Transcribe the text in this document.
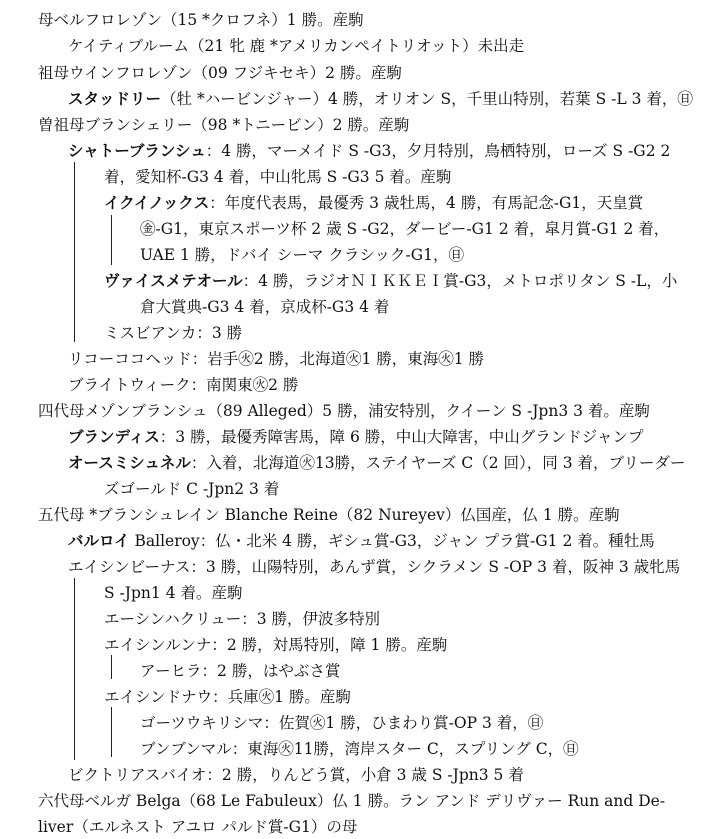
母ベルフロレゾン（15 *クロフネ）1 勝。産駒
ケイティブルーム（21 牝 鹿 *アメリカンペイトリオット）未出走
祖母ウインフロレゾン（09 フジキセキ）2 勝。産駒
スタッドリー（牡 *ハービンジャー）4 勝，オリオン S，千里山特別，若葉 S -L 3 着，㊐
曽祖母ブランシェリー（98 *トニービン）2 勝。産駒
シャトーブランシュ：4 勝，マーメイド S -G3，夕月特別，鳥栖特別，ローズ S -G2 2
着，愛知杯-G3 4 着，中山牝馬 S -G3 5 着。産駒
イクイノックス：年度代表馬，最優秀 3 歳牡馬，4 勝，有馬記念-G1，天皇賞
㊎-G1，東京スポーツ杯 2 歳 S -G2，ダービー-G1 2 着，皐月賞-G1 2 着，
UAE 1 勝，ドバイ シーマ クラシック-G1，㊐
ヴァイスメテオール：4 勝，ラジオＮＩＫＫＥＩ賞-G3，メトロポリタン S -L，小
倉大賞典-G3 4 着，京成杯-G3 4 着
ミスビアンカ：3 勝
リコーココヘッド：岩手㊋2 勝，北海道㊋1 勝，東海㊋1 勝
ブライトウィーク：南関東㊋2 勝
四代母メゾンブランシュ（89 Alleged）5 勝，浦安特別，クイーン S -Jpn3 3 着。産駒
ブランディス：3 勝，最優秀障害馬，障 6 勝，中山大障害，中山グランドジャンプ
オースミシュネル：入着，北海道㊋13勝，ステイヤーズ C（2 回），同 3 着，ブリーダー
ズゴールド C -Jpn2 3 着
五代母 *ブランシュレイン Blanche Reine（82 Nureyev）仏国産，仏 1 勝。産駒
バルロイ Balleroy：仏・北米 4 勝，ギシュ賞-G3，ジャン プラ賞-G1 2 着。種牡馬
エイシンビーナス：3 勝，山陽特別，あんず賞，シクラメン S -OP 3 着，阪神 3 歳牝馬
S -Jpn1 4 着。産駒
エーシンハクリュー：3 勝，伊波多特別
エイシンルンナ：2 勝，対馬特別，障 1 勝。産駒
アーヒラ：2 勝，はやぶさ賞
エイシンドナウ：兵庫㊋1 勝。産駒
ゴーツウキリシマ：佐賀㊋1 勝，ひまわり賞-OP 3 着，㊐
ブンブンマル：東海㊋11勝，湾岸スター C，スプリング C，㊐
ビクトリアスバイオ：2 勝，りんどう賞，小倉 3 歳 S -Jpn3 5 着
六代母ベルガ Belga（68 Le Fabuleux）仏 1 勝。ラン アンド デリヴァー Run and De-
liver（エルネスト アユロ パルド賞-G1）の母
